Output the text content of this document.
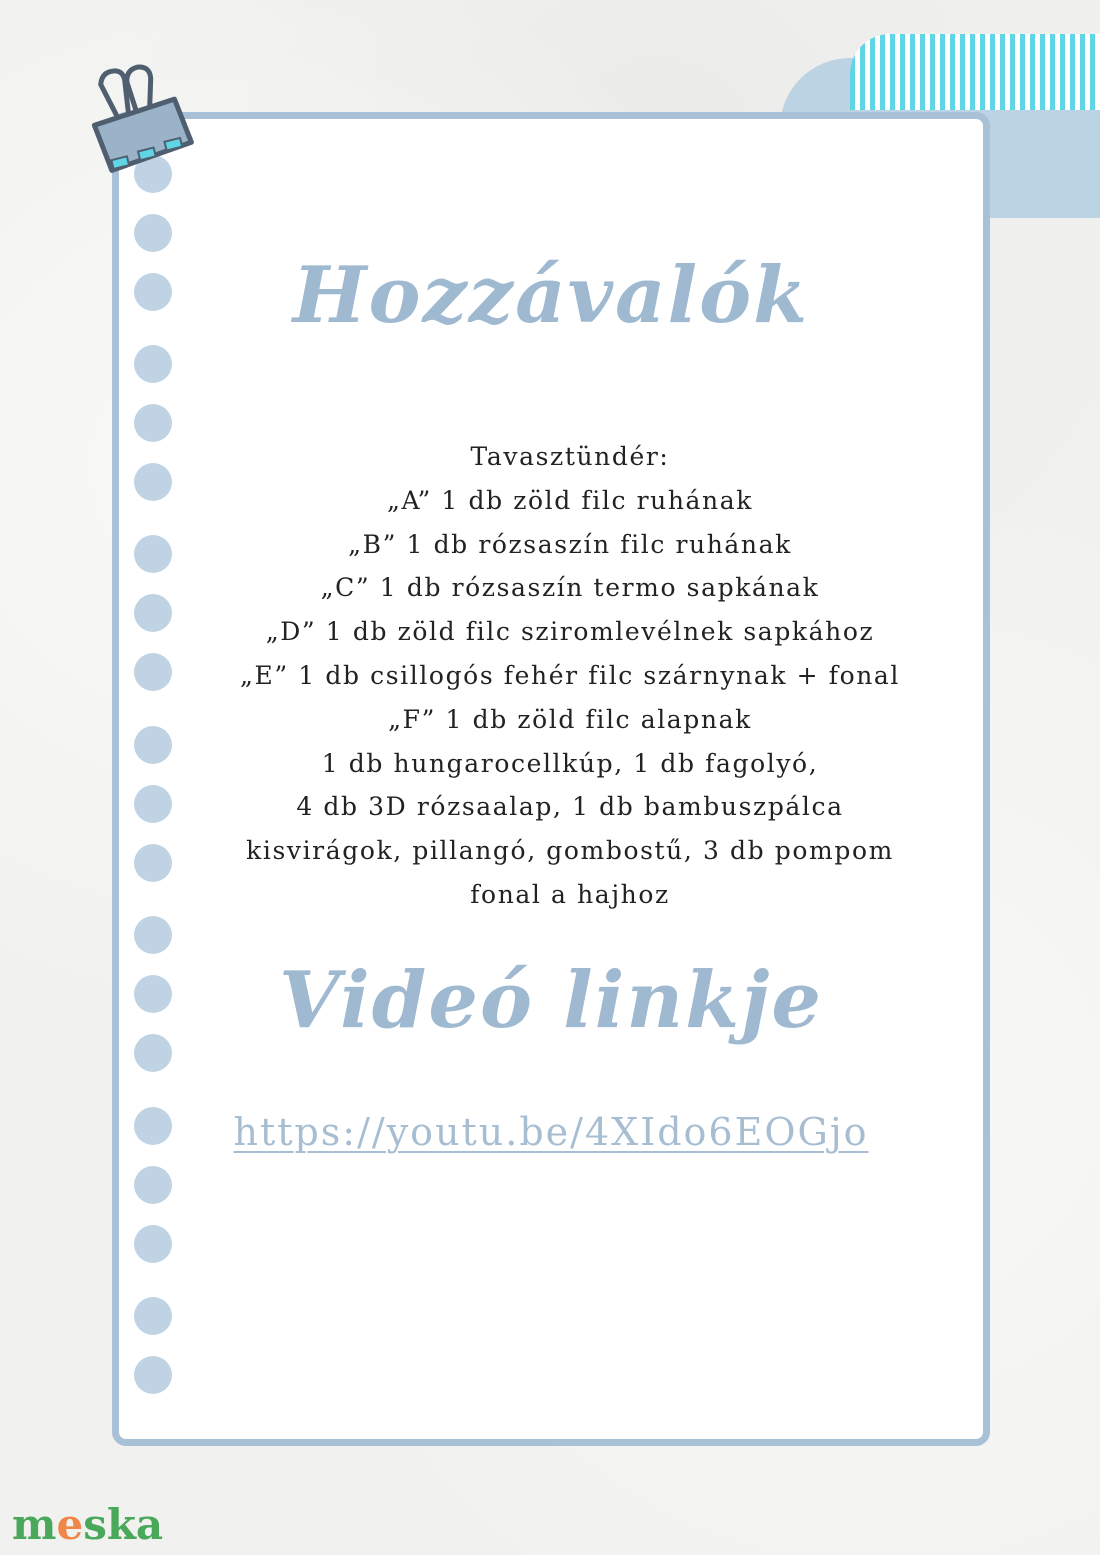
Hozzávalók
Tavasztündér:
„A” 1 db zöld filc ruhának
„B” 1 db rózsaszín filc ruhának
„C” 1 db rózsaszín termo sapkának
„D” 1 db zöld filc sziromlevélnek sapkához
„E” 1 db csillogós fehér filc szárnynak + fonal
„F” 1 db zöld filc alapnak
1 db hungarocellkúp, 1 db fagolyó,
4 db 3D rózsaalap, 1 db bambuszpálca
kisvirágok, pillangó, gombostű, 3 db pompom
fonal a hajhoz
Videó linkje
https://youtu.be/4XIdo6EOGjo
meska
